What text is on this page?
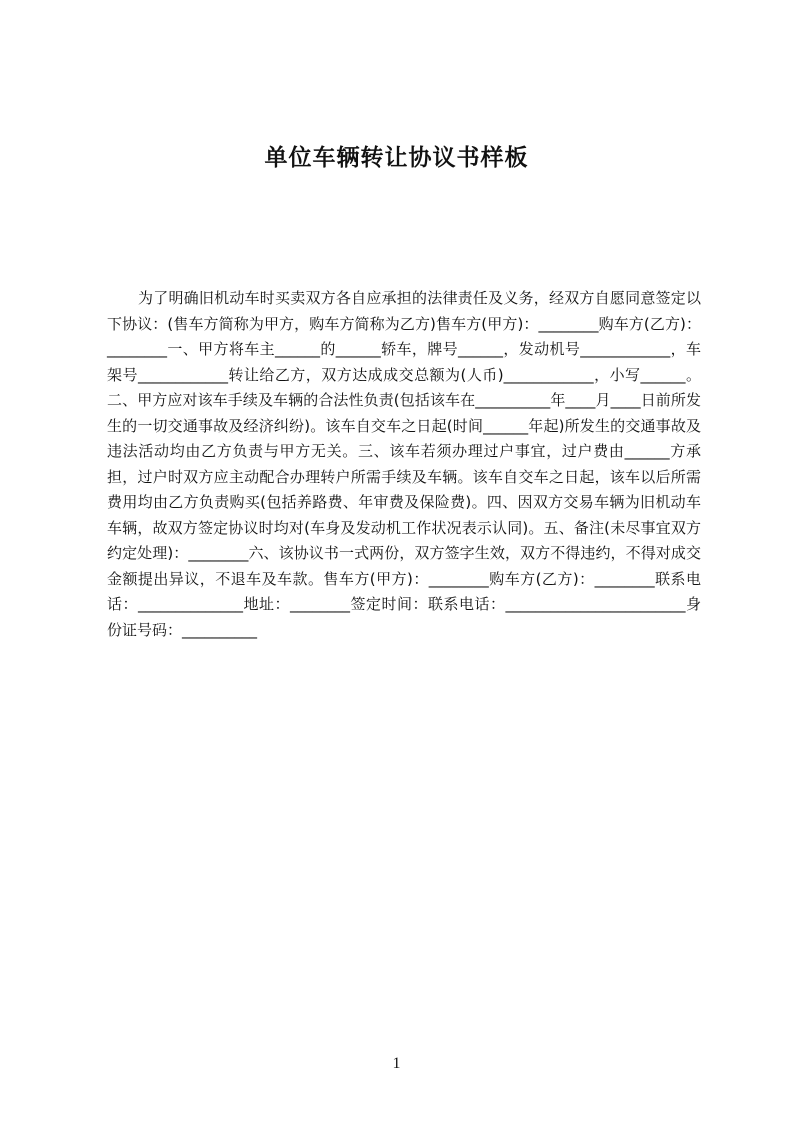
单位车辆转让协议书样板

为了明确旧机动车时买卖双方各自应承担的法律责任及义务，经双方自愿同意签定以下协议：(售车方简称为甲方，购车方简称为乙方)售车方(甲方)：________购车方(乙方)：________一、甲方将车主______的______轿车，牌号______，发动机号____________，车架号____________转让给乙方，双方达成成交总额为(人币)____________，小写______。二、甲方应对该车手续及车辆的合法性负责(包括该车在__________年____月____日前所发生的一切交通事故及经济纠纷)。该车自交车之日起(时间______年起)所发生的交通事故及违法活动均由乙方负责与甲方无关。三、该车若须办理过户事宜，过户费由______方承担，过户时双方应主动配合办理转户所需手续及车辆。该车自交车之日起，该车以后所需费用均由乙方负责购买(包括养路费、年审费及保险费)。四、因双方交易车辆为旧机动车车辆，故双方签定协议时均对(车身及发动机工作状况表示认同)。五、备注(未尽事宜双方约定处理)：________六、该协议书一式两份，双方签字生效，双方不得违约，不得对成交金额提出异议，不退车及车款。售车方(甲方)：________购车方(乙方)：________联系电话：______________地址：________签定时间：联系电话：________________________身份证号码：__________

1
